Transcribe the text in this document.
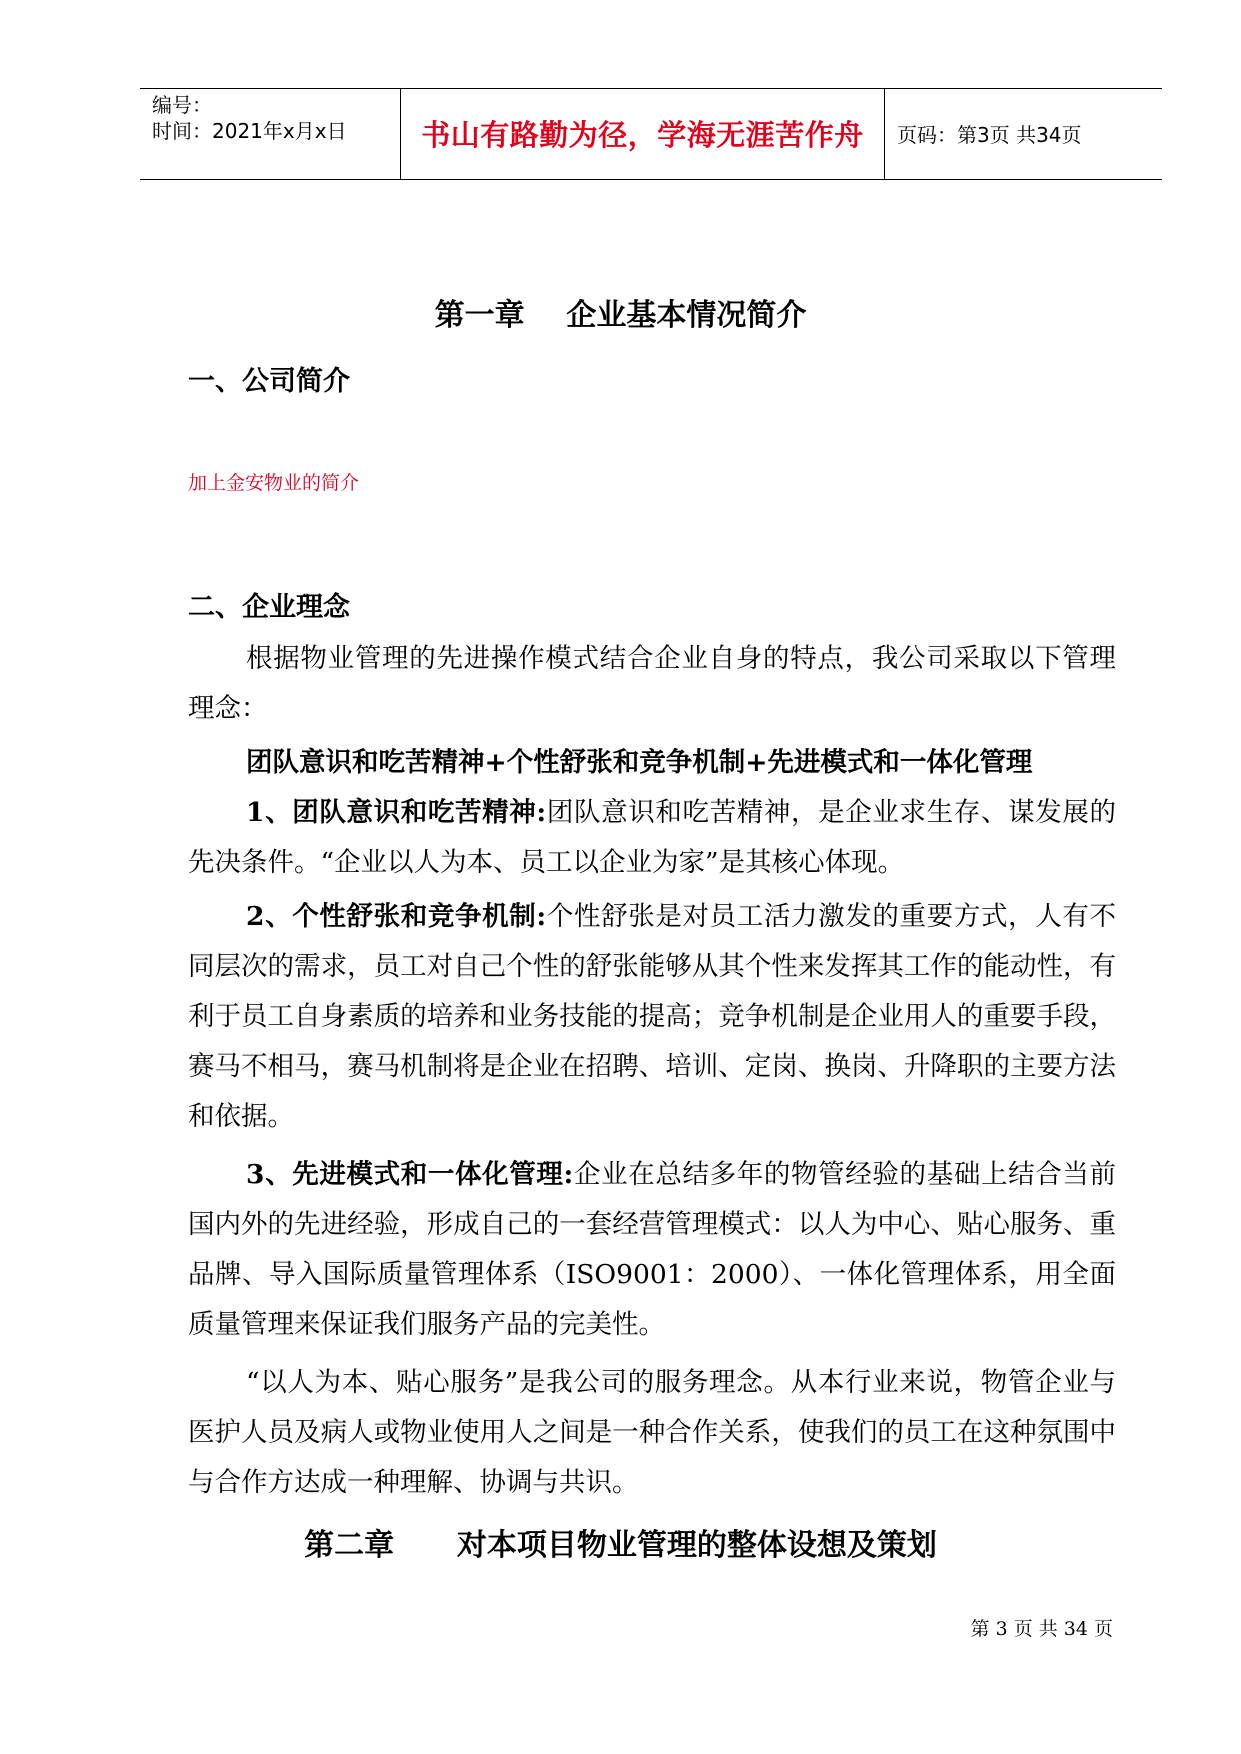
编号：
时间：2021年x月x日	书山有路勤为径，学海无涯苦作舟	页码：第3页 共34页
第一章    企业基本情况简介
一、公司简介
加上金安物业的简介
二、企业理念
根据物业管理的先进操作模式结合企业自身的特点，我公司采取以下管理理念：
团队意识和吃苦精神+个性舒张和竞争机制+先进模式和一体化管理
1、团队意识和吃苦精神:团队意识和吃苦精神，是企业求生存、谋发展的先决条件。“企业以人为本、员工以企业为家”是其核心体现。
2、个性舒张和竞争机制:个性舒张是对员工活力激发的重要方式，人有不同层次的需求，员工对自己个性的舒张能够从其个性来发挥其工作的能动性，有利于员工自身素质的培养和业务技能的提高；竞争机制是企业用人的重要手段，赛马不相马，赛马机制将是企业在招聘、培训、定岗、换岗、升降职的主要方法和依据。
3、先进模式和一体化管理:企业在总结多年的物管经验的基础上结合当前国内外的先进经验，形成自己的一套经营管理模式：以人为中心、贴心服务、重品牌、导入国际质量管理体系（ISO9001：2000）、一体化管理体系，用全面质量管理来保证我们服务产品的完美性。
“以人为本、贴心服务”是我公司的服务理念。从本行业来说，物管企业与医护人员及病人或物业使用人之间是一种合作关系，使我们的员工在这种氛围中与合作方达成一种理解、协调与共识。
第二章      对本项目物业管理的整体设想及策划
第 3 页 共 34 页
